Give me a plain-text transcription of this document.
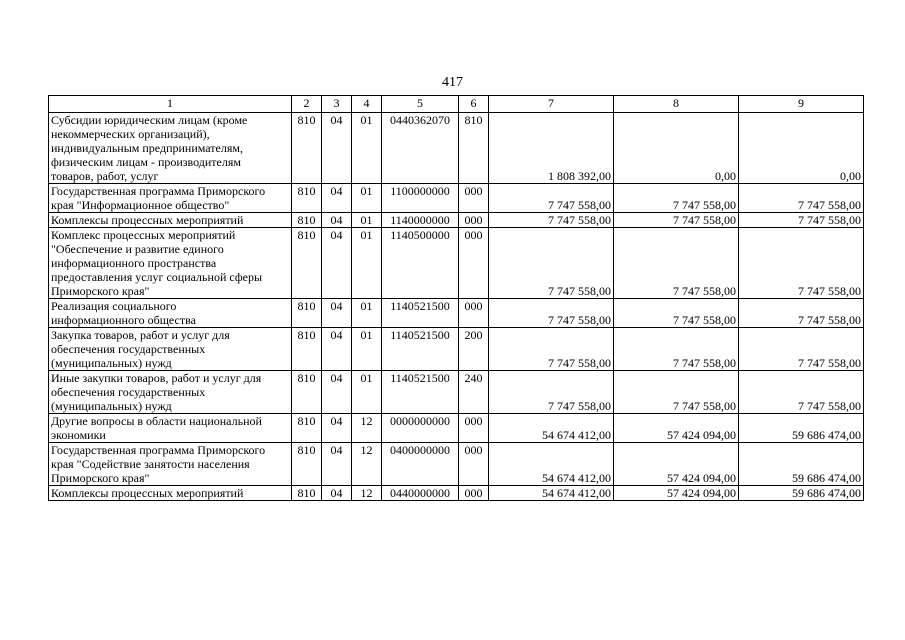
417
1	2	3	4	5	6	7	8	9

Субсидии юридическим лицам (кроме
некоммерческих организаций),
индивидуальным предпринимателям,
физическим лицам - производителям
товаров, работ, услуг	810	04	01	0440362070	810	1 808 392,00	0,00	0,00

Государственная программа Приморского
края "Информационное общество"	810	04	01	1100000000	000	7 747 558,00	7 747 558,00	7 747 558,00

Комплексы процессных мероприятий	810	04	01	1140000000	000	7 747 558,00	7 747 558,00	7 747 558,00

Комплекс процессных мероприятий
"Обеспечение и развитие единого
информационного пространства
предоставления услуг социальной сферы
Приморского края"	810	04	01	1140500000	000	7 747 558,00	7 747 558,00	7 747 558,00

Реализация социального
информационного общества	810	04	01	1140521500	000	7 747 558,00	7 747 558,00	7 747 558,00

Закупка товаров, работ и услуг для
обеспечения государственных
(муниципальных) нужд	810	04	01	1140521500	200	7 747 558,00	7 747 558,00	7 747 558,00

Иные закупки товаров, работ и услуг для
обеспечения государственных
(муниципальных) нужд	810	04	01	1140521500	240	7 747 558,00	7 747 558,00	7 747 558,00

Другие вопросы в области национальной
экономики	810	04	12	0000000000	000	54 674 412,00	57 424 094,00	59 686 474,00

Государственная программа Приморского
края "Содействие занятости населения
Приморского края"	810	04	12	0400000000	000	54 674 412,00	57 424 094,00	59 686 474,00

Комплексы процессных мероприятий	810	04	12	0440000000	000	54 674 412,00	57 424 094,00	59 686 474,00
